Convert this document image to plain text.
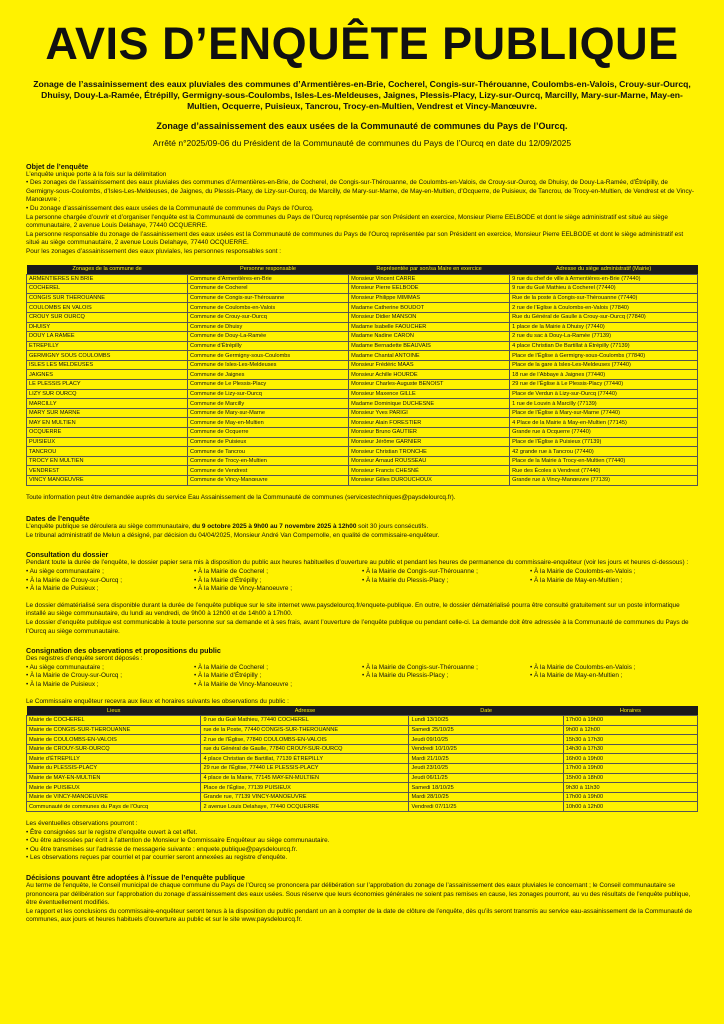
AVIS D’ENQUÊTE PUBLIQUE
Zonage de l’assainissement des eaux pluviales des communes d’Armentières-en-Brie, Cocherel, Congis-sur-Thérouanne, Coulombs-en-Valois, Crouy-sur-Ourcq, Dhuisy, Douy-La-Ramée, Étrépilly, Germigny-sous-Coulombs, Isles-Les-Meldeuses, Jaignes, Plessis-Placy, Lizy-sur-Ourcq, Marcilly, Mary-sur-Marne, May-en-Multien, Ocquerre, Puisieux, Tancrou, Trocy-en-Multien, Vendrest et Vincy-Manœuvre.
Zonage d’assainissement des eaux usées de la Communauté de communes du Pays de l’Ourcq.
Arrêté n°2025/09-06 du Président de la Communauté de communes du Pays de l’Ourcq en date du 12/09/2025
Objet de l’enquête

L’enquête unique porte à la fois sur la délimitation

• Des zonages de l’assainissement des eaux pluviales des communes d’Armentières-en-Brie, de Cocherel, de Congis-sur-Thérouanne, de Coulombs-en-Valois, de Crouy-sur-Ourcq, de Dhuisy, de Douy-La-Ramée, d’Étrépilly, de Germigny-sous-Coulombs, d’Isles-Les-Meldeuses, de Jaignes, du Plessis-Placy, de Lizy-sur-Ourcq, de Marcilly, de Mary-sur-Marne, de May-en-Multien, d’Ocquerre, de Puisieux, de Tancrou, de Trocy-en-Multien, de Vendrest et de Vincy-Manœuvre ;

• Du zonage d’assainissement des eaux usées de la Communauté de communes du Pays de l’Ourcq.

La personne chargée d’ouvrir et d’organiser l’enquête est la Communauté de communes du Pays de l’Ourcq représentée par son Président en exercice, Monsieur Pierre EELBODE et dont le siège administratif est situé au siège communautaire, 2 avenue Louis Delahaye, 77440 OCQUERRE.

La personne responsable du zonage de l’assainissement des eaux usées est la Communauté de communes du Pays de l’Ourcq représentée par son Président en exercice, Monsieur Pierre EELBODE et dont le siège administratif est situé au siège communautaire, 2 avenue Louis Delahaye, 77440 OCQUERRE.

Pour les zonages d’assainissement des eaux pluviales, les personnes responsables sont :

Zonages de la commune de	Personne responsable	Représentée par son/sa Maire en exercice	Adresse du siège administratif (Mairie)
ARMENTIERES EN BRIE	Commune d’Armentières-en-Brie	Monsieur Vincent CARRE	9 rue du chef de ville à Armentières-en-Brie (77440)
COCHEREL	Commune de Cocherel	Monsieur Pierre EELBODE	9 rue du Gué Mathieu à Cocherel (77440)
CONGIS SUR THEROUANNE	Commune de Congis-sur-Thérouanne	Monsieur Philippe MIMMAS	Rue de la poste à Congis-sur-Thérouanne (77440)
COULOMBS EN VALOIS	Commune de Coulombs-en-Valois	Madame Catherine BOUDOT	2 rue de l’Eglise à Coulombs-en-Valois (77840)
CROUY SUR OURCQ	Commune de Crouy-sur-Ourcq	Monsieur Didier MANSON	Rue du Général de Gaulle à Crouy-sur-Ourcq (77840)
DHUISY	Commune de Dhuisy	Madame Isabelle FAOUCHER	1 place de la Mairie à Dhuisy (77440)
DOUY LA RAMEE	Commune de Douy-La-Ramée	Madame Nadine CARON	2 rue du sac à Douy-La-Ramée (77139)
ETREPILLY	Commune d’Étrépilly	Madame Bernadette BEAUVAIS	4 place Christian De Bartillat à Étrépilly (77139)
GERMIGNY SOUS COULOMBS	Commune de Germigny-sous-Coulombs	Madame Chantal ANTOINE	Place de l’Église à Germigny-sous-Coulombs (77840)
ISLES LES MELDEUSES	Commune de Isles-Les-Meldeuses	Monsieur Frédéric MAAS	Place de la gare à Isles-Les-Meldeuses (77440)
JAIGNES	Commune de Jaignes	Monsieur Achille HOURDE	18 rue de l’Abbaye à Jaignes (77440)
LE PLESSIS PLACY	Commune de Le Plessis-Placy	Monsieur Charles-Auguste BENOIST	29 rue de l’Église à Le Plessis-Placy (77440)
LIZY SUR OURCQ	Commune de Lizy-sur-Ourcq	Monsieur Maxence GILLE	Place de Verdun à Lizy-sur-Ourcq (77440)
MARCILLY	Commune de Marcilly	Madame Dominique DUCHESNE	1 rue de Louvin à Marcilly (77139)
MARY SUR MARNE	Commune de Mary-sur-Marne	Monsieur Yves PARIGI	Place de l’Église à Mary-sur-Marne (77440)
MAY EN MULTIEN	Commune de May-en-Multien	Monsieur Alain FORESTIER	4 Place de la Mairie à May-en-Multien (77145)
OCQUERRE	Commune de Ocquerre	Monsieur Bruno GAUTIER	Grande rue à Ocquerre (77440)
PUISIEUX	Commune de Puisieux	Monsieur Jérôme GARNIER	Place de l’Église à Puisieux (77139)
TANCROU	Commune de Tancrou	Monsieur Christian TRONCHE	42 grande rue à Tancrou (77440)
TROCY EN MULTIEN	Commune de Trocy-en-Multien	Monsieur Arnaud ROUSSEAU	Place de la Mairie à Trocy-en-Multien (77440)
VENDREST	Commune de Vendrest	Monsieur Francis CHESNÉ	Rue des Écoles à Vendrest (77440)
VINCY MANOEUVRE	Commune de Vincy-Manœuvre	Monsieur Gilles DUROUCHOUX	Grande rue à Vincy-Manœuvre (77139)
Toute information peut être demandée auprès du service Eau Assainissement de la Communauté de communes (servicestechniques@paysdelourcq.fr).
Dates de l’enquête
L’enquête publique se déroulera au siège communautaire, du 9 octobre 2025 à 9h00 au 7 novembre 2025 à 12h00 soit 30 jours consécutifs.
Le tribunal administratif de Melun a désigné, par décision du 04/04/2025, Monsieur André Van Compernolle, en qualité de commissaire-enquêteur.
Consultation du dossier
Pendant toute la durée de l’enquête, le dossier papier sera mis à disposition du public aux heures habituelles d’ouverture au public et pendant les heures de permanence du commissaire-enquêteur (voir les jours et heures ci-dessous) :
• Au siège communautaire ;	• À la Mairie de Cocherel ;	• À la Mairie de Congis-sur-Thérouanne ;	• À la Mairie de Coulombs-en-Valois ;
• À la Mairie de Crouy-sur-Ourcq ;	• À la Mairie d’Étrépilly ;	• À la Mairie du Plessis-Placy ;	• À la Mairie de May-en-Multien ;
• À la Mairie de Puisieux ;	• À la Mairie de Vincy-Manoeuvre ;
Le dossier dématérialisé sera disponible durant la durée de l’enquête publique sur le site internet www.paysdelourcq.fr/enquete-publique. En outre, le dossier dématérialisé pourra être consulté gratuitement sur un poste informatique installé au siège communautaire, du lundi au vendredi, de 9h00 à 12h00 et de 14h00 à 17h00.
Le dossier d’enquête publique est communicable à toute personne sur sa demande et à ses frais, avant l’ouverture de l’enquête publique ou pendant celle-ci. La demande doit être adressée à la Communauté de communes du Pays de l’Ourcq au siège communautaire.
Consignation des observations et propositions du public
Des registres d’enquête seront déposés :
• Au siège communautaire ;	• À la Mairie de Cocherel ;	• À la Mairie de Congis-sur-Thérouanne ;	• À la Mairie de Coulombs-en-Valois ;
• À la Mairie de Crouy-sur-Ourcq ;	• À la Mairie d’Étrépilly ;	• À la Mairie du Plessis-Placy ;	• À la Mairie de May-en-Multien ;
• À la Mairie de Puisieux ;	• À la Mairie de Vincy-Manoeuvre ;
Le Commissaire enquêteur recevra aux lieux et horaires suivants les observations du public :
Lieux	Adresse	Date	Horaires
Mairie de COCHEREL	9 rue du Gué Mathieu, 77440 COCHEREL	Lundi 13/10/25	17h00 à 19h00
Mairie de CONGIS-SUR-THEROUANNE	rue de la Poste, 77440 CONGIS-SUR-THEROUANNE	Samedi 25/10/25	9h00 à 12h00
Mairie de COULOMBS-EN-VALOIS	2 rue de l’Église, 77840 COULOMBS-EN-VALOIS	Jeudi 09/10/25	15h30 à 17h30
Mairie de CROUY-SUR-OURCQ	rue du Général de Gaulle, 77840 CROUY-SUR-OURCQ	Vendredi 10/10/25	14h30 à 17h30
Mairie d’ÉTREPILLY	4 place Christian de Bartillat, 77139 ÉTREPILLY	Mardi 21/10/25	16h00 à 19h00
Mairie du PLESSIS-PLACY	29 rue de l’Église, 77440 LE PLESSIS-PLACY	Jeudi 23/10/25	17h00 à 19h00
Mairie de MAY-EN-MULTIEN	4 place de la Mairie, 77145 MAY-EN-MULTIEN	Jeudi 06/11/25	15h00 à 18h00
Mairie de PUISIEUX	Place de l’Église, 77139 PUISIEUX	Samedi 18/10/25	9h30 à 11h30
Mairie de VINCY-MANOEUVRE	Grande rue, 77139 VINCY-MANOEUVRE	Mardi 28/10/25	17h00 à 19h00
Communauté de communes du Pays de l’Ourcq	2 avenue Louis Delahaye, 77440 OCQUERRE	Vendredi 07/11/25	10h00 à 12h00
Les éventuelles observations pourront :
• Être consignées sur le registre d’enquête ouvert à cet effet.
• Ou être adressées par écrit à l’attention de Monsieur le Commissaire Enquêteur au siège communautaire.
• Ou être transmises sur l’adresse de messagerie suivante : enquete.publique@paysdelourcq.fr.
• Les observations reçues par courriel et par courrier seront annexées au registre d’enquête.
Décisions pouvant être adoptées à l’issue de l’enquête publique
Au terme de l’enquête, le Conseil municipal de chaque commune du Pays de l’Ourcq se prononcera par délibération sur l’approbation du zonage de l’assainissement des eaux pluviales le concernant ; le Conseil communautaire se prononcera par délibération sur l’approbation du zonage d’assainissement des eaux usées. Sous réserve que leurs économies générales ne soient pas remises en cause, les zonages pourront, au vu des résultats de l’enquête publique, être éventuellement modifiés.
Le rapport et les conclusions du commissaire-enquêteur seront tenus à la disposition du public pendant un an à compter de la date de clôture de l’enquête, dès qu’ils seront transmis au service eau-assainissement de la Communauté de communes, aux jours et heures habituels d’ouverture au public et sur le site www.paysdelourcq.fr.
